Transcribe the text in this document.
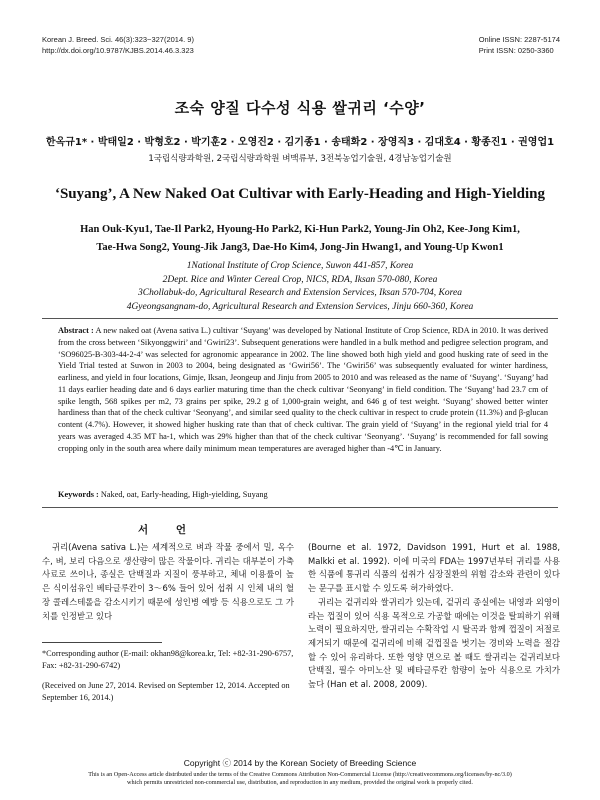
Korean J. Breed. Sci. 46(3):323~327(2014. 9)
http://dx.doi.org/10.9787/KJBS.2014.46.3.323
Online ISSN: 2287-5174
Print ISSN: 0250-3360
조숙 양질 다수성 식용 쌀귀리 ‘수양’
한옥규1* · 박태일2 · 박형호2 · 박기훈2 · 오영진2 · 김기종1 · 송태화2 · 장영직3 · 김대호4 · 황종진1 · 권영업1
1국립식량과학원, 2국립식량과학원 벼맥류부, 3전북농업기술원, 4경남농업기술원
‘Suyang’, A New Naked Oat Cultivar with Early-Heading and High-Yielding
Han Ouk-Kyu1, Tae-Il Park2, Hyoung-Ho Park2, Ki-Hun Park2, Young-Jin Oh2, Kee-Jong Kim1,
Tae-Hwa Song2, Young-Jik Jang3, Dae-Ho Kim4, Jong-Jin Hwang1, and Young-Up Kwon1
1National Institute of Crop Science, Suwon 441-857, Korea
2Dept. Rice and Winter Cereal Crop, NICS, RDA, Iksan 570-080, Korea
3Chollabuk-do, Agricultural Research and Extension Services, Iksan 570-704, Korea
4Gyeongsangnam-do, Agricultural Research and Extension Services, Jinju 660-360, Korea
Abstract : A new naked oat (Avena sativa L.) cultivar ‘Suyang’ was developed by National Institute of Crop Science, RDA in 2010. It was derived from the cross between ‘Sikyonggwiri’ and ‘Gwiri23’. Subsequent generations were handled in a bulk method and pedigree selection program, and ‘SO96025-B-303-44-2-4’ was selected for agronomic appearance in 2002. The line showed both high yield and good husking rate of seed in the Yield Trial tested at Suwon in 2003 to 2004, being designated as ‘Gwiri56’. The ‘Gwiri56’ was subsequently evaluated for winter hardiness, earliness, and yield in four locations, Gimje, Iksan, Jeongeup and Jinju from 2005 to 2010 and was released as the name of ‘Suyang’. ‘Suyang’ had 11 days earlier heading date and 6 days earlier maturing time than the check cultivar ‘Seonyang’ in field condition. The ‘Suyang’ had 23.7 cm of spike length, 568 spikes per m2, 73 grains per spike, 29.2 g of 1,000-grain weight, and 646 g of test weight. ‘Suyang’ showed better winter hardiness than that of the check cultivar ‘Seonyang’, and similar seed quality to the check cultivar in respect to crude protein (11.3%) and β-glucan content (4.7%). However, it showed higher husking rate than that of check cultivar. The grain yield of ‘Suyang’ in the regional yield trial for 4 years was averaged 4.35 MT ha-1, which was 29% higher than that of the check cultivar ‘Seonyang’. ‘Suyang’ is recommended for fall sowing cropping only in the south area where daily minimum mean temperatures are averaged higher than -4℃ in January.
Keywords : Naked, oat, Early-heading, High-yielding, Suyang
서 언

귀리(Avena sativa L.)는 세계적으로 벼과 작물 중에서 밀, 옥수수, 벼, 보리 다음으로 생산량이 많은 작물이다. 귀리는 대부분이 가축사료로 쓰이나, 종실은 단백질과 지질이 풍부하고, 체내 이용률이 높은 식이섬유인 베타글루칸이 3～6% 들어 있어 섭취 시 인체 내의 혈장 콜레스테롤을 감소시키기 때문에 성인병 예방 등 식용으로도 그 가치를 인정받고 있다

(Bourne et al. 1972, Davidson 1991, Hurt et al. 1988, Malkki et al. 1992). 이에 미국의 FDA는 1997년부터 귀리를 사용한 식품에 통귀리 식품의 섭취가 심장질환의 위험 감소와 관련이 있다는 문구를 표시할 수 있도록 허가하였다.

귀리는 겉귀리와 쌀귀리가 있는데, 겉귀리 종실에는 내영과 외영이라는 껍질이 있어 식용 목적으로 가공할 때에는 이것을 탈피하기 위해 노력이 필요하지만, 쌀귀리는 수확작업 시 탈곡과 함께 껍질이 저절로 제거되기 때문에 겉귀리에 비해 겉껍질을 벗기는 경비와 노력을 절감할 수 있어 유리하다. 또한 영양 면으로 볼 때도 쌀귀리는 겉귀리보다 단백질, 필수 아미노산 및 베타글루칸 함량이 높아 식용으로 가치가 높다 (Han et al. 2008, 2009).

*Corresponding author (E-mail: okhan98@korea.kr, Tel: +82-31-290-6757, Fax: +82-31-290-6742)
(Received on June 27, 2014. Revised on September 12, 2014. Accepted on September 16, 2014.)
Copyright ⓒ 2014 by the Korean Society of Breeding Science
This is an Open-Access article distributed under the terms of the Creative Commons Attribution Non-Commercial License (http://creativecommons.org/licenses/by-nc/3.0)
which permits unrestricted non-commercial use, distribution, and reproduction in any medium, provided the original work is properly cited.
